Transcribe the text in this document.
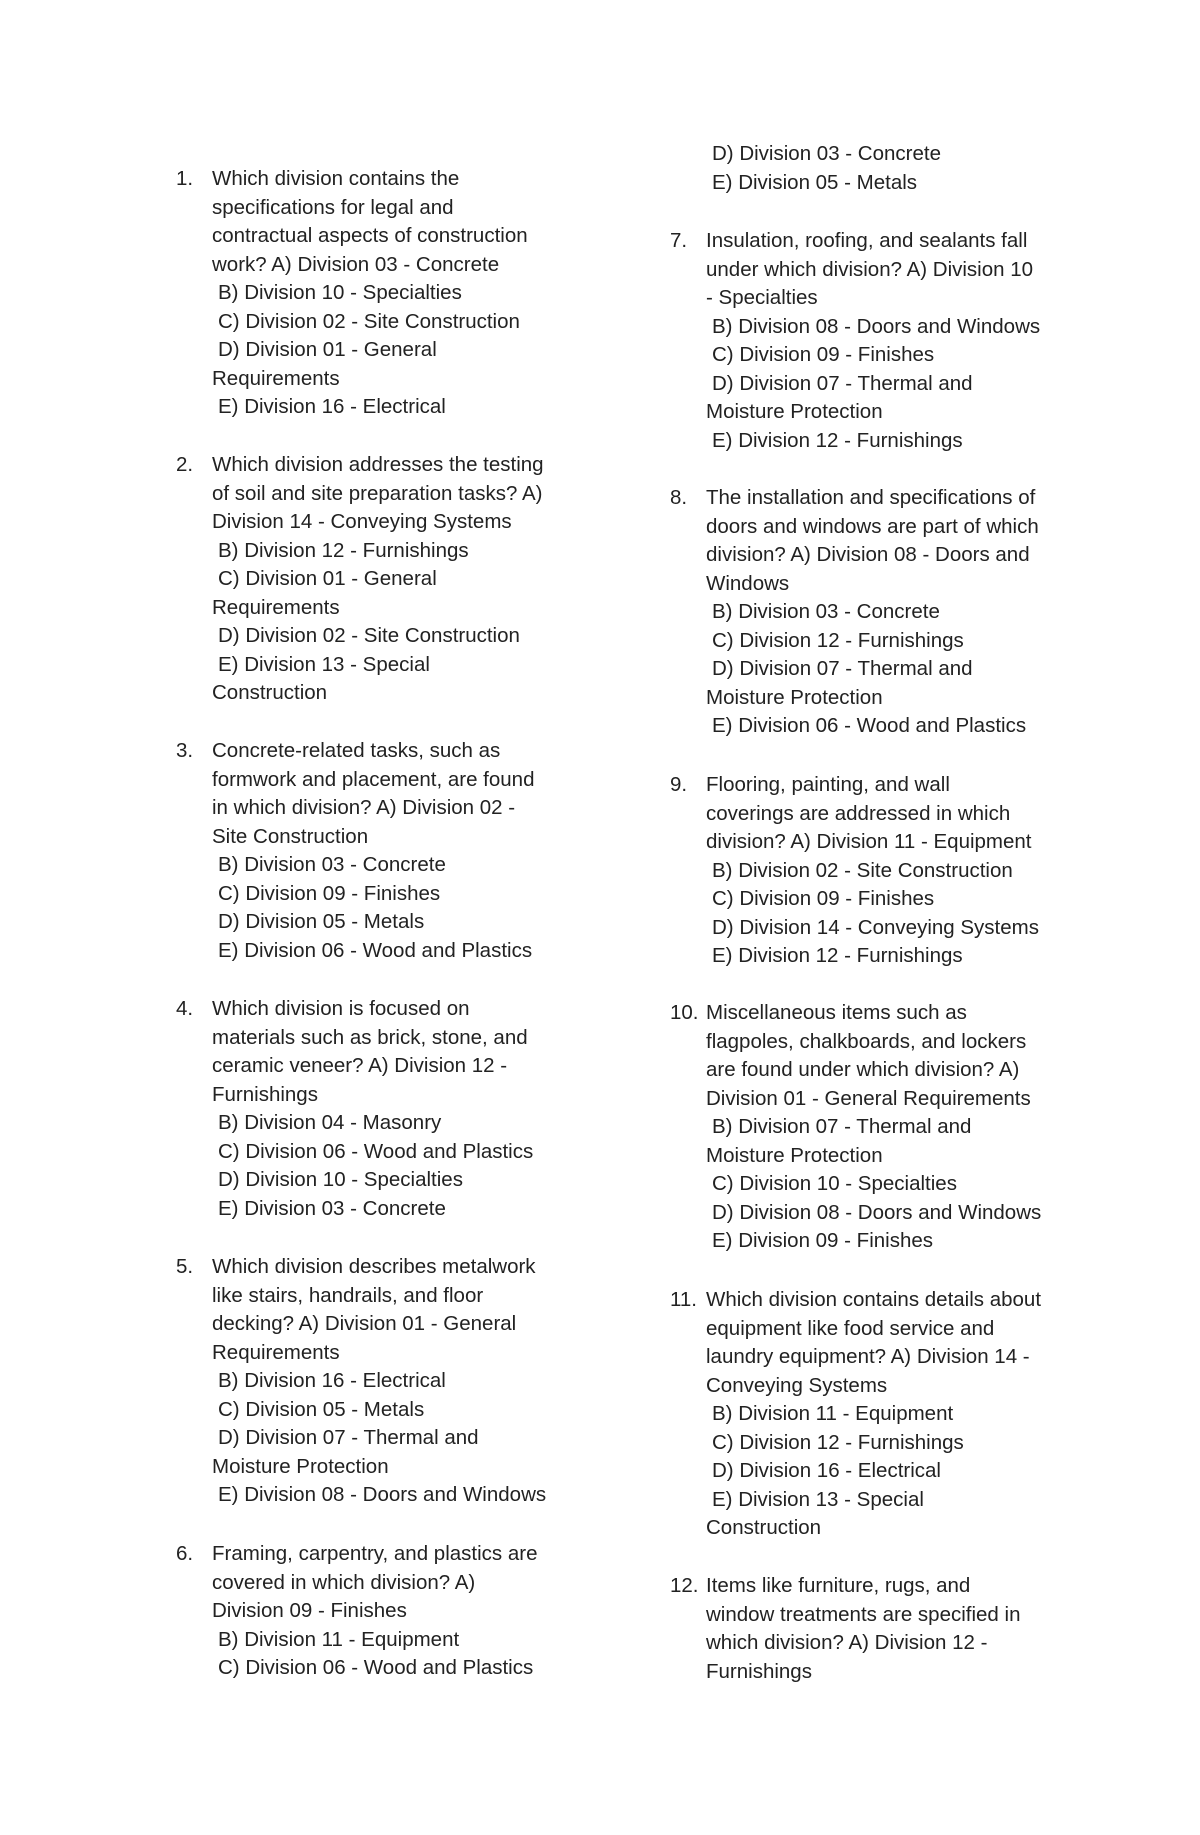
1. Which division contains the
specifications for legal and
contractual aspects of construction
work? A) Division 03 - Concrete
B) Division 10 - Specialties
C) Division 02 - Site Construction
D) Division 01 - General
Requirements
E) Division 16 - Electrical
2. Which division addresses the testing
of soil and site preparation tasks? A)
Division 14 - Conveying Systems
B) Division 12 - Furnishings
C) Division 01 - General
Requirements
D) Division 02 - Site Construction
E) Division 13 - Special
Construction
3. Concrete-related tasks, such as
formwork and placement, are found
in which division? A) Division 02 -
Site Construction
B) Division 03 - Concrete
C) Division 09 - Finishes
D) Division 05 - Metals
E) Division 06 - Wood and Plastics
4. Which division is focused on
materials such as brick, stone, and
ceramic veneer? A) Division 12 -
Furnishings
B) Division 04 - Masonry
C) Division 06 - Wood and Plastics
D) Division 10 - Specialties
E) Division 03 - Concrete
5. Which division describes metalwork
like stairs, handrails, and floor
decking? A) Division 01 - General
Requirements
B) Division 16 - Electrical
C) Division 05 - Metals
D) Division 07 - Thermal and
Moisture Protection
E) Division 08 - Doors and Windows
6. Framing, carpentry, and plastics are
covered in which division? A)
Division 09 - Finishes
B) Division 11 - Equipment
C) Division 06 - Wood and Plastics
D) Division 03 - Concrete
E) Division 05 - Metals
7. Insulation, roofing, and sealants fall
under which division? A) Division 10
- Specialties
B) Division 08 - Doors and Windows
C) Division 09 - Finishes
D) Division 07 - Thermal and
Moisture Protection
E) Division 12 - Furnishings
8. The installation and specifications of
doors and windows are part of which
division? A) Division 08 - Doors and
Windows
B) Division 03 - Concrete
C) Division 12 - Furnishings
D) Division 07 - Thermal and
Moisture Protection
E) Division 06 - Wood and Plastics
9. Flooring, painting, and wall
coverings are addressed in which
division? A) Division 11 - Equipment
B) Division 02 - Site Construction
C) Division 09 - Finishes
D) Division 14 - Conveying Systems
E) Division 12 - Furnishings
10. Miscellaneous items such as
flagpoles, chalkboards, and lockers
are found under which division? A)
Division 01 - General Requirements
B) Division 07 - Thermal and
Moisture Protection
C) Division 10 - Specialties
D) Division 08 - Doors and Windows
E) Division 09 - Finishes
11. Which division contains details about
equipment like food service and
laundry equipment? A) Division 14 -
Conveying Systems
B) Division 11 - Equipment
C) Division 12 - Furnishings
D) Division 16 - Electrical
E) Division 13 - Special
Construction
12. Items like furniture, rugs, and
window treatments are specified in
which division? A) Division 12 -
Furnishings
